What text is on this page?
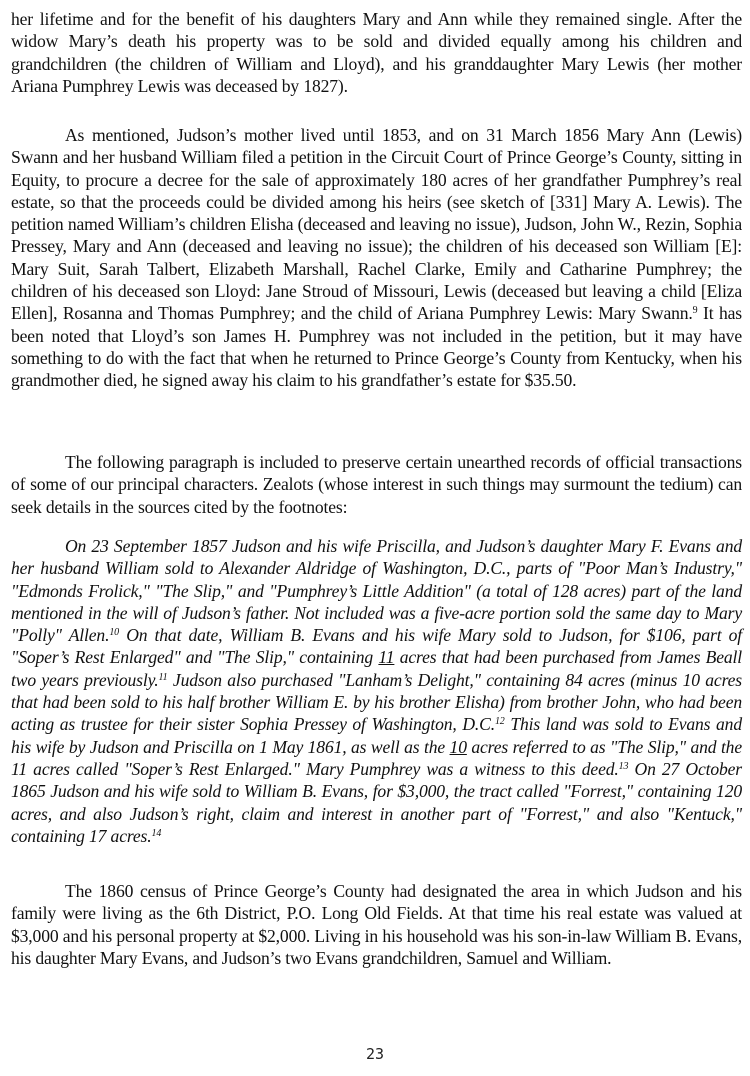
her lifetime and for the benefit of his daughters Mary and Ann while they remained single. After the widow Mary’s death his property was to be sold and divided equally among his children and grandchildren (the children of William and Lloyd), and his granddaughter Mary Lewis (her mother Ariana Pumphrey Lewis was deceased by 1827).

As mentioned, Judson’s mother lived until 1853, and on 31 March 1856 Mary Ann (Lewis) Swann and her husband William filed a petition in the Circuit Court of Prince George’s County, sitting in Equity, to procure a decree for the sale of approximately 180 acres of her grandfather Pumphrey’s real estate, so that the proceeds could be divided among his heirs (see sketch of [331] Mary A. Lewis). The petition named William’s children Elisha (deceased and leaving no issue), Judson, John W., Rezin, Sophia Pressey, Mary and Ann (deceased and leaving no issue); the children of his deceased son William [E]: Mary Suit, Sarah Talbert, Elizabeth Marshall, Rachel Clarke, Emily and Catharine Pumphrey; the children of his deceased son Lloyd: Jane Stroud of Missouri, Lewis (deceased but leaving a child [Eliza Ellen], Rosanna and Thomas Pumphrey; and the child of Ariana Pumphrey Lewis: Mary Swann.$^9$ It has been noted that Lloyd’s son James H. Pumphrey was not included in the petition, but it may have something to do with the fact that when he returned to Prince George’s County from Kentucky, when his grandmother died, he signed away his claim to his grandfather’s estate for $35.50.

The following paragraph is included to preserve certain unearthed records of official transactions of some of our principal characters. Zealots (whose interest in such things may surmount the tedium) can seek details in the sources cited by the footnotes:

On 23 September 1857 Judson and his wife Priscilla, and Judson’s daughter Mary F. Evans and her husband William sold to Alexander Aldridge of Washington, D.C., parts of "Poor Man’s Industry," "Edmonds Frolick," "The Slip," and "Pumphrey’s Little Addition" (a total of 128 acres) part of the land mentioned in the will of Judson’s father. Not included was a five-acre portion sold the same day to Mary "Polly" Allen.$^{10}$ On that date, William B. Evans and his wife Mary sold to Judson, for $106, part of "Soper’s Rest Enlarged" and "The Slip," containing 11 acres that had been purchased from James Beall two years previously.$^{11}$ Judson also purchased "Lanham’s Delight," containing 84 acres (minus 10 acres that had been sold to his half brother William E. by his brother Elisha) from brother John, who had been acting as trustee for their sister Sophia Pressey of Washington, D.C.$^{12}$ This land was sold to Evans and his wife by Judson and Priscilla on 1 May 1861, as well as the 10 acres referred to as "The Slip," and the 11 acres called "Soper’s Rest Enlarged." Mary Pumphrey was a witness to this deed.$^{13}$ On 27 October 1865 Judson and his wife sold to William B. Evans, for $3,000, the tract called "Forrest," containing 120 acres, and also Judson’s right, claim and interest in another part of "Forrest," and also "Kentuck," containing 17 acres.$^{14}$

The 1860 census of Prince George’s County had designated the area in which Judson and his family were living as the 6th District, P.O. Long Old Fields. At that time his real estate was valued at $3,000 and his personal property at $2,000. Living in his household was his son-in-law William B. Evans, his daughter Mary Evans, and Judson’s two Evans grandchildren, Samuel and William.

23
